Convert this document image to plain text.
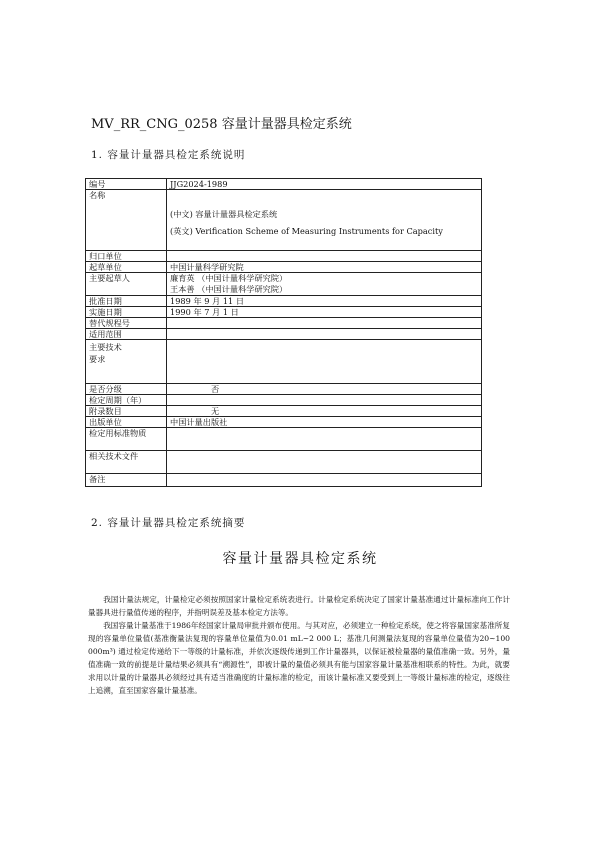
MV_RR_CNG_0258 容量计量器具检定系统
1. 容量计量器具检定系统说明
编号	JJG2024-1989
名称	(中文) 容量计量器具检定系统
(英文) Verification Scheme of Measuring Instruments for Capacity

归口单位	
起草单位	中国计量科学研究院
主要起草人	廉育英 （中国计量科学研究院）
王本善 （中国计量科学研究院）

批准日期	1989 年 9 月 11 日
实施日期	1990 年 7 月 1 日
替代规程号	
适用范围	

主要技术
要求	

是否分级	否
检定周期（年）	
附录数目	无
出版单位	中国计量出版社
检定用标准物质	
相关技术文件	
备注	
2. 容量计量器具检定系统摘要
容量计量器具检定系统

我国计量法规定，计量检定必须按照国家计量检定系统表进行。计量检定系统决定了国家计量基准通过计量标准向工作计量器具进行量值传递的程序，并指明误差及基本检定方法等。

我国容量计量基准于1986年经国家计量局审批并颁布使用。与其对应，必须建立一种检定系统，使之将容量国家基准所复现的容量单位量值(基准衡量法复现的容量单位量值为0.01 mL~2 000 L；基准几何测量法复现的容量单位量值为20~100 000m³) 通过检定传递给下一等级的计量标准，并依次逐级传递到工作计量器具，以保证被检量器的量值准确一致。另外，量值准确一致的前提是计量结果必须具有“溯源性”，即被计量的量值必须具有能与国家容量计量基准相联系的特性。为此，就要求用以计量的计量器具必须经过具有适当准确度的计量标准的检定，而该计量标准又要受到上一等级计量标准的检定，逐级往上追溯，直至国家容量计量基准。
